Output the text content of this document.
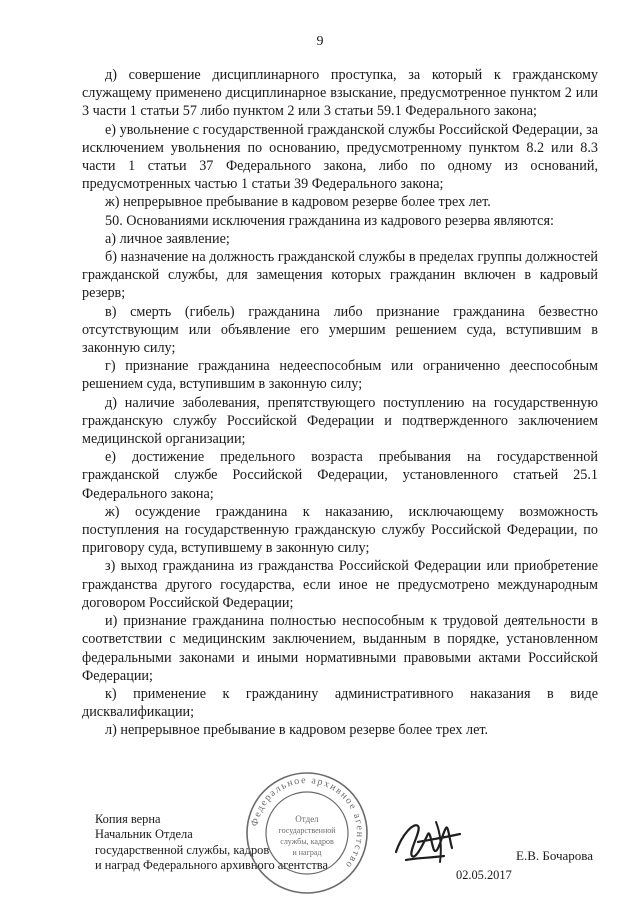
9

д) совершение дисциплинарного проступка, за который к гражданскому служащему применено дисциплинарное взыскание, предусмотренное пунктом 2 или 3 части 1 статьи 57 либо пунктом 2 или 3 статьи 59.1 Федерального закона;

е) увольнение с государственной гражданской службы Российской Федерации, за исключением увольнения по основанию, предусмотренному пунктом 8.2 или 8.3 части 1 статьи 37 Федерального закона, либо по одному из оснований, предусмотренных частью 1 статьи 39 Федерального закона;

ж) непрерывное пребывание в кадровом резерве более трех лет.

50. Основаниями исключения гражданина из кадрового резерва являются:

а) личное заявление;

б) назначение на должность гражданской службы в пределах группы должностей гражданской службы, для замещения которых гражданин включен в кадровый резерв;

в) смерть (гибель) гражданина либо признание гражданина безвестно отсутствующим или объявление его умершим решением суда, вступившим в законную силу;

г) признание гражданина недееспособным или ограниченно дееспособным решением суда, вступившим в законную силу;

д) наличие заболевания, препятствующего поступлению на государственную гражданскую службу Российской Федерации и подтвержденного заключением медицинской организации;

е) достижение предельного возраста пребывания на государственной гражданской службе Российской Федерации, установленного статьей 25.1 Федерального закона;

ж) осуждение гражданина к наказанию, исключающему возможность поступления на государственную гражданскую службу Российской Федерации, по приговору суда, вступившему в законную силу;

з) выход гражданина из гражданства Российской Федерации или приобретение гражданства другого государства, если иное не предусмотрено международным договором Российской Федерации;

и) признание гражданина полностью неспособным к трудовой деятельности в соответствии с медицинским заключением, выданным в порядке, установленном федеральными законами и иными нормативными правовыми актами Российской Федерации;

к) применение к гражданину административного наказания в виде дисквалификации;

л) непрерывное пребывание в кадровом резерве более трех лет.

Копия верна
Начальник Отдела
государственной службы, кадров
и наград Федерального архивного агентства
Федеральное архивное агентство
Отдел
государственной
службы, кадров
и наград	Е.В. Бочарова
02.05.2017
